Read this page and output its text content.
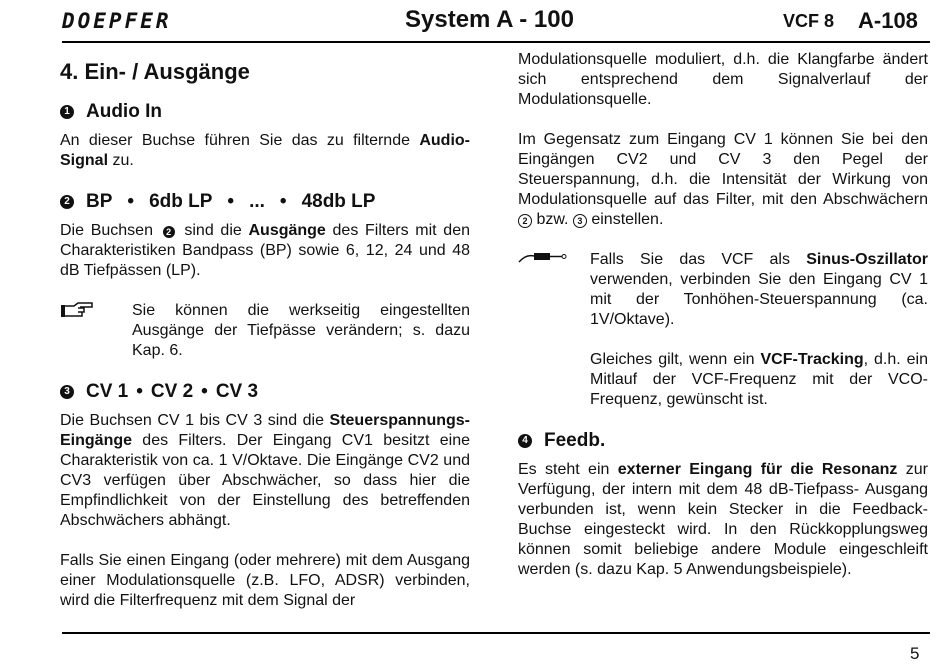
DOEPFER	System A - 100	VCF 8 A-108
4. Ein- / Ausgänge
1 Audio In

An dieser Buchse führen Sie das zu filternde Audio-Signal zu.

2 BP • 6db LP • ... • 48db LP

Die Buchsen 2 sind die Ausgänge des Filters mit den Charakteristiken Bandpass (BP) sowie 6, 12, 24 und 48 dB Tiefpässen (LP).

Sie können die werkseitig eingestellten Ausgänge der Tiefpässe verändern; s. dazu Kap. 6.

3 CV 1 • CV 2 • CV 3

Die Buchsen CV 1 bis CV 3 sind die Steuerspannungs-Eingänge des Filters. Der Eingang CV1 besitzt eine Charakteristik von ca. 1 V/Oktave. Die Eingänge CV2 und CV3 verfügen über Abschwächer, so dass hier die Empfindlichkeit von der Einstellung des betreffenden Abschwächers abhängt.

Falls Sie einen Eingang (oder mehrere) mit dem Ausgang einer Modulationsquelle (z.B. LFO, ADSR) verbinden, wird die Filterfrequenz mit dem Signal der

Modulationsquelle moduliert, d.h. die Klangfarbe ändert sich entsprechend dem Signalverlauf der Modulationsquelle.

Im Gegensatz zum Eingang CV 1 können Sie bei den Eingängen CV2 und CV 3 den Pegel der Steuerspannung, d.h. die Intensität der Wirkung von Modulationsquelle auf das Filter, mit den Abschwächern 2 bzw. 3 einstellen.

Falls Sie das VCF als Sinus-Oszillator verwenden, verbinden Sie den Eingang CV 1 mit der Tonhöhen-Steuerspannung (ca. 1V/Oktave).

Gleiches gilt, wenn ein VCF-Tracking, d.h. ein Mitlauf der VCF-Frequenz mit der VCO-Frequenz, gewünscht ist.

4 Feedb.

Es steht ein externer Eingang für die Resonanz zur Verfügung, der intern mit dem 48 dB-Tiefpass- Ausgang verbunden ist, wenn kein Stecker in die Feedback-Buchse eingesteckt wird. In den Rückkopplungsweg können somit beliebige andere Module eingeschleift werden (s. dazu Kap. 5 Anwendungsbeispiele).

5
